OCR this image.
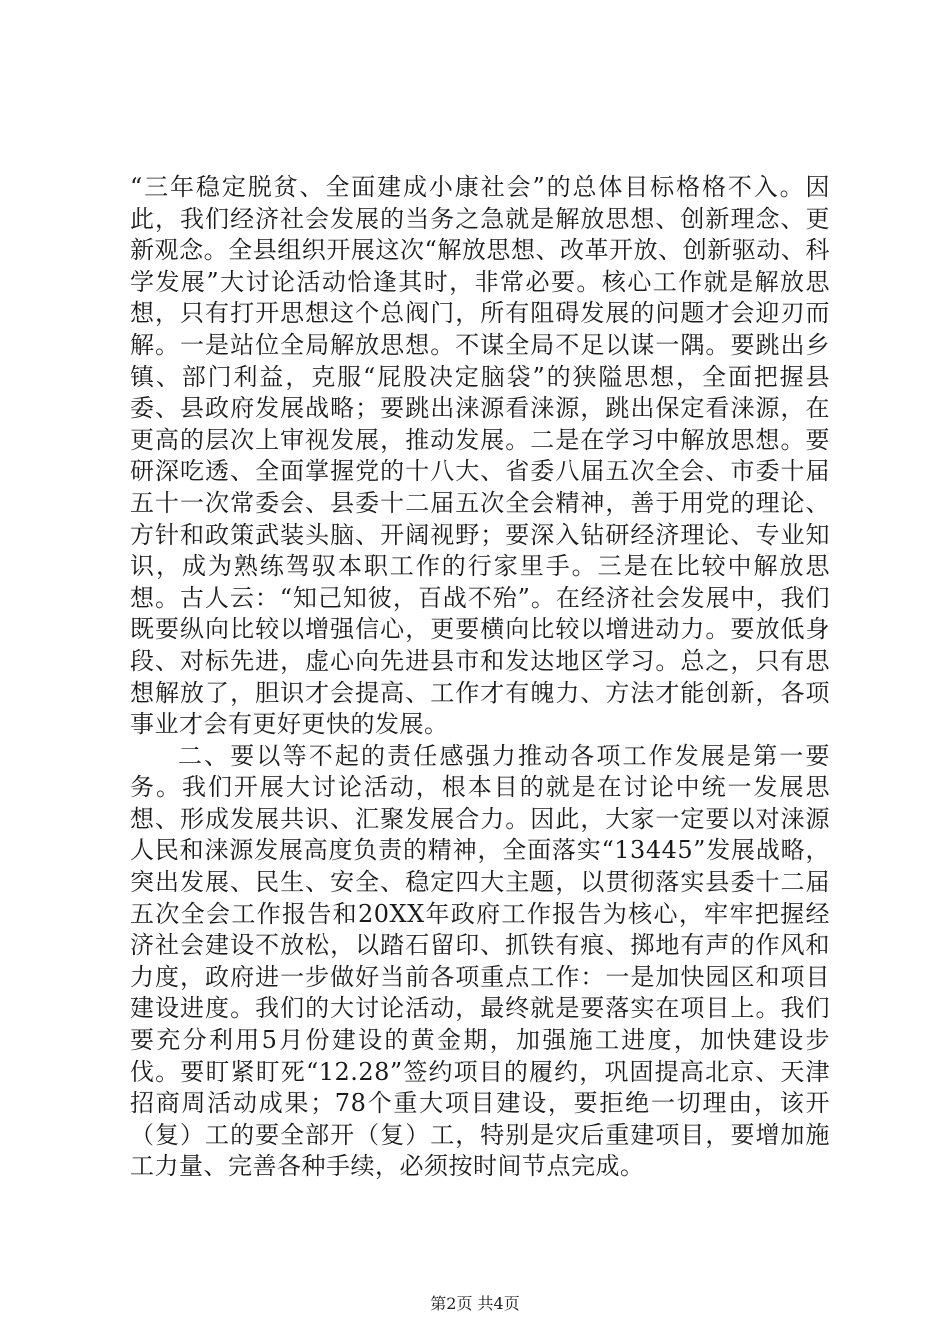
“三年稳定脱贫、全面建成小康社会”的总体目标格格不入。因此，我们经济社会发展的当务之急就是解放思想、创新理念、更新观念。全县组织开展这次“解放思想、改革开放、创新驱动、科学发展”大讨论活动恰逢其时，非常必要。核心工作就是解放思想，只有打开思想这个总阀门，所有阻碍发展的问题才会迎刃而解。一是站位全局解放思想。不谋全局不足以谋一隅。要跳出乡镇、部门利益，克服“屁股决定脑袋”的狭隘思想，全面把握县委、县政府发展战略；要跳出涞源看涞源，跳出保定看涞源，在更高的层次上审视发展，推动发展。二是在学习中解放思想。要研深吃透、全面掌握党的十八大、省委八届五次全会、市委十届五十一次常委会、县委十二届五次全会精神，善于用党的理论、方针和政策武装头脑、开阔视野；要深入钻研经济理论、专业知识，成为熟练驾驭本职工作的行家里手。三是在比较中解放思想。古人云：“知己知彼，百战不殆”。在经济社会发展中，我们既要纵向比较以增强信心，更要横向比较以增进动力。要放低身段、对标先进，虚心向先进县市和发达地区学习。总之，只有思想解放了，胆识才会提高、工作才有魄力、方法才能创新，各项事业才会有更好更快的发展。

二、要以等不起的责任感强力推动各项工作发展是第一要务。我们开展大讨论活动，根本目的就是在讨论中统一发展思想、形成发展共识、汇聚发展合力。因此，大家一定要以对涞源人民和涞源发展高度负责的精神，全面落实“13445”发展战略，突出发展、民生、安全、稳定四大主题，以贯彻落实县委十二届五次全会工作报告和20XX年政府工作报告为核心，牢牢把握经济社会建设不放松，以踏石留印、抓铁有痕、掷地有声的作风和力度，政府进一步做好当前各项重点工作：一是加快园区和项目建设进度。我们的大讨论活动，最终就是要落实在项目上。我们要充分利用5月份建设的黄金期，加强施工进度，加快建设步伐。要盯紧盯死“12.28”签约项目的履约，巩固提高北京、天津招商周活动成果；78个重大项目建设，要拒绝一切理由，该开（复）工的要全部开（复）工，特别是灾后重建项目，要增加施工力量、完善各种手续，必须按时间节点完成。

第2页 共4页
